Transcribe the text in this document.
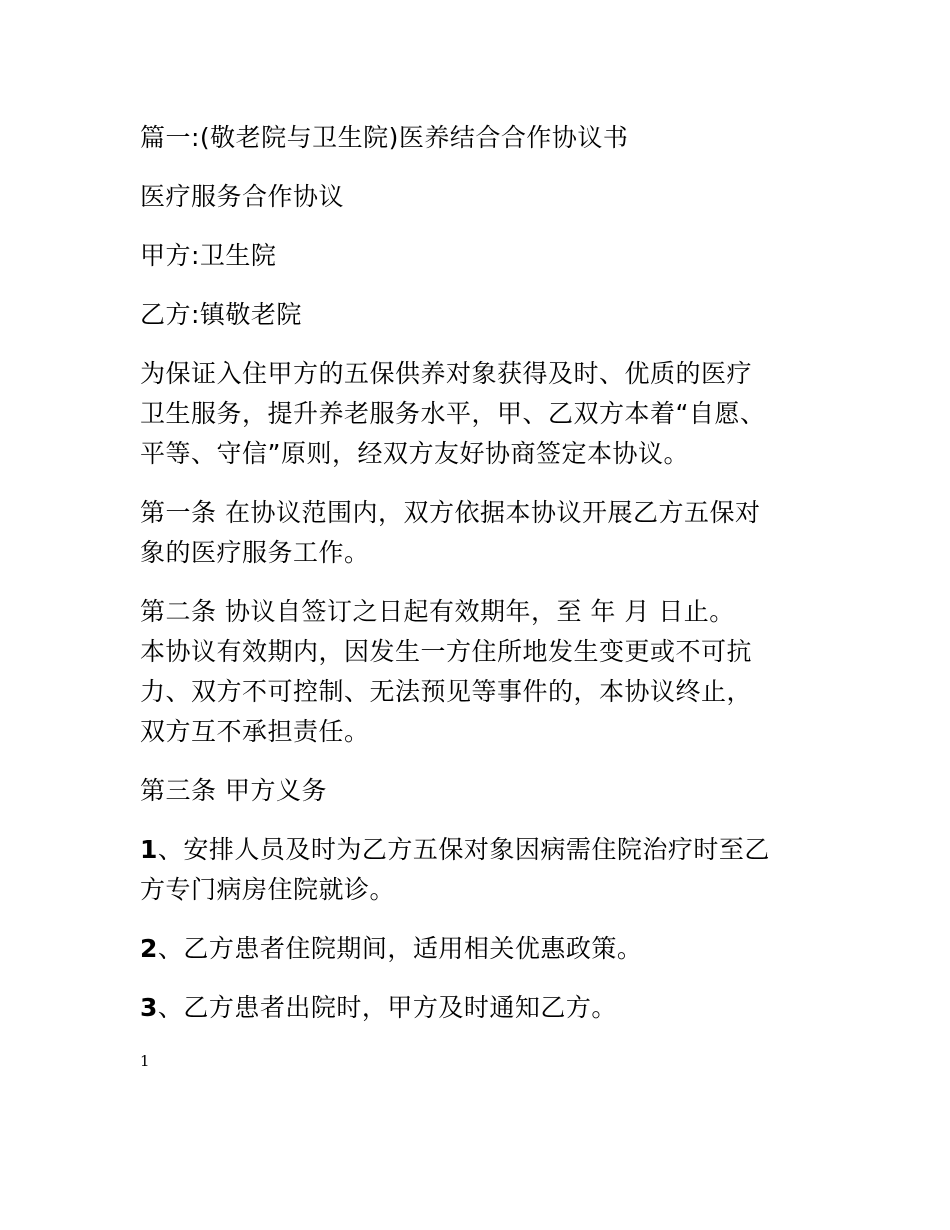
篇一:(敬老院与卫生院)医养结合合作协议书

医疗服务合作协议

甲方:卫生院

乙方:镇敬老院

为保证入住甲方的五保供养对象获得及时、优质的医疗
卫生服务，提升养老服务水平，甲、乙双方本着“自愿、
平等、守信”原则，经双方友好协商签定本协议。

第一条 在协议范围内，双方依据本协议开展乙方五保对
象的医疗服务工作。

第二条 协议自签订之日起有效期年，至 年 月 日止。
本协议有效期内，因发生一方住所地发生变更或不可抗
力、双方不可控制、无法预见等事件的，本协议终止，
双方互不承担责任。

第三条 甲方义务

1、安排人员及时为乙方五保对象因病需住院治疗时至乙
方专门病房住院就诊。

2、乙方患者住院期间，适用相关优惠政策。

3、乙方患者出院时，甲方及时通知乙方。

1
